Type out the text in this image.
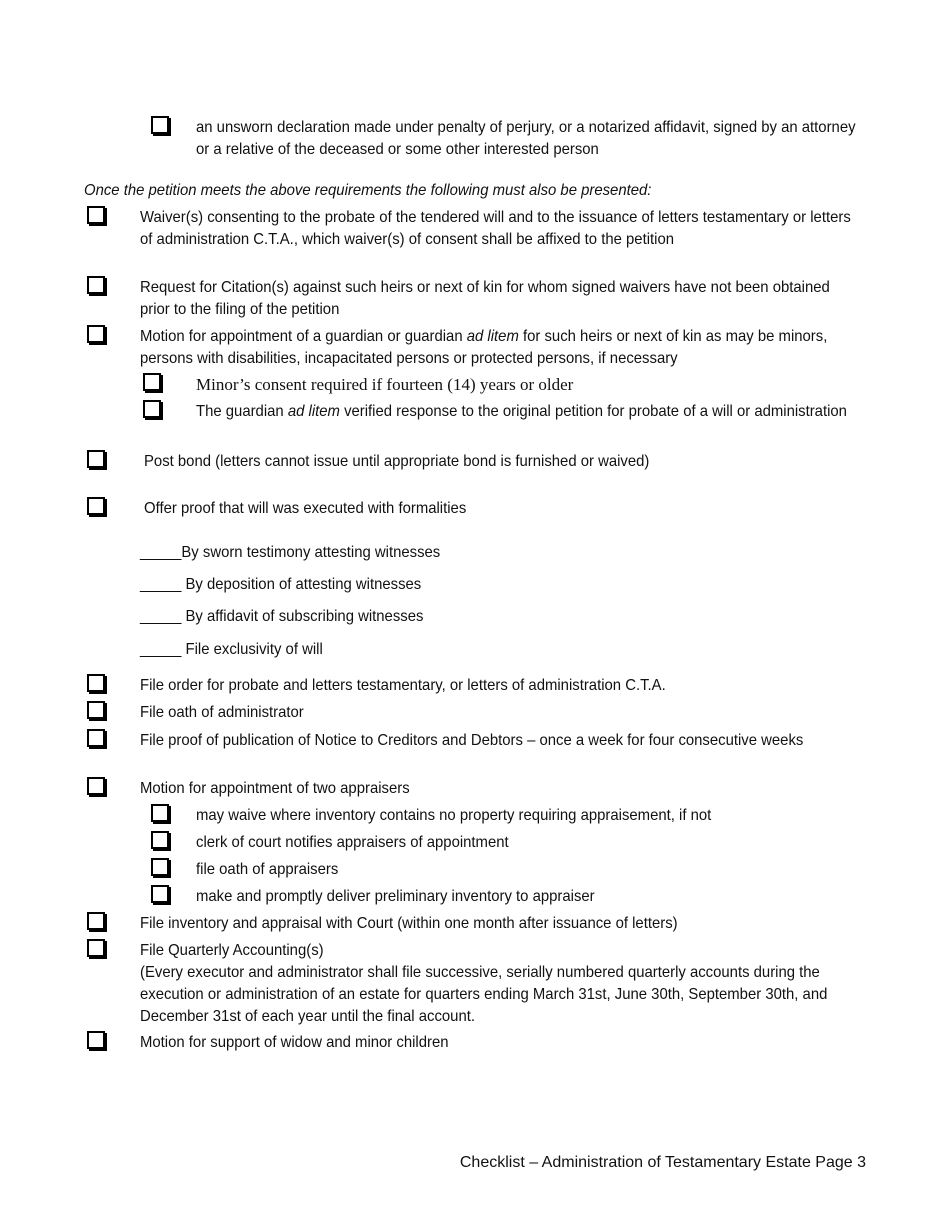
an unsworn declaration made under penalty of perjury, or a notarized affidavit, signed by an attorney or a relative of the deceased or some other interested person
Once the petition meets the above requirements the following must also be presented:
Waiver(s) consenting to the probate of the tendered will and to the issuance of letters testamentary or letters of administration C.T.A., which waiver(s) of consent shall be affixed to the petition
Request for Citation(s) against such heirs or next of kin for whom signed waivers have not been obtained prior to the filing of the petition
Motion for appointment of a guardian or guardian ad litem for such heirs or next of kin as may be minors, persons with disabilities, incapacitated persons or protected persons, if necessary
Minor’s consent required if fourteen (14) years or older
The guardian ad litem verified response to the original petition for probate of a will or administration
Post bond (letters cannot issue until appropriate bond is furnished or waived)
Offer proof that will was executed with formalities
_____By sworn testimony attesting witnesses
_____ By deposition of attesting witnesses
_____ By affidavit of subscribing witnesses
_____ File exclusivity of will
File order for probate and letters testamentary, or letters of administration C.T.A.
File oath of administrator
File proof of publication of Notice to Creditors and Debtors – once a week for four consecutive weeks
Motion for appointment of two appraisers
may waive where inventory contains no property requiring appraisement, if not
clerk of court notifies appraisers of appointment
file oath of appraisers
make and promptly deliver preliminary inventory to appraiser
File inventory and appraisal with Court (within one month after issuance of letters)
File Quarterly Accounting(s)
(Every executor and administrator shall file successive, serially numbered quarterly accounts during the execution or administration of an estate for quarters ending March 31st, June 30th, September 30th, and December 31st of each year until the final account.
Motion for support of widow and minor children
Checklist – Administration of Testamentary Estate Page 3
